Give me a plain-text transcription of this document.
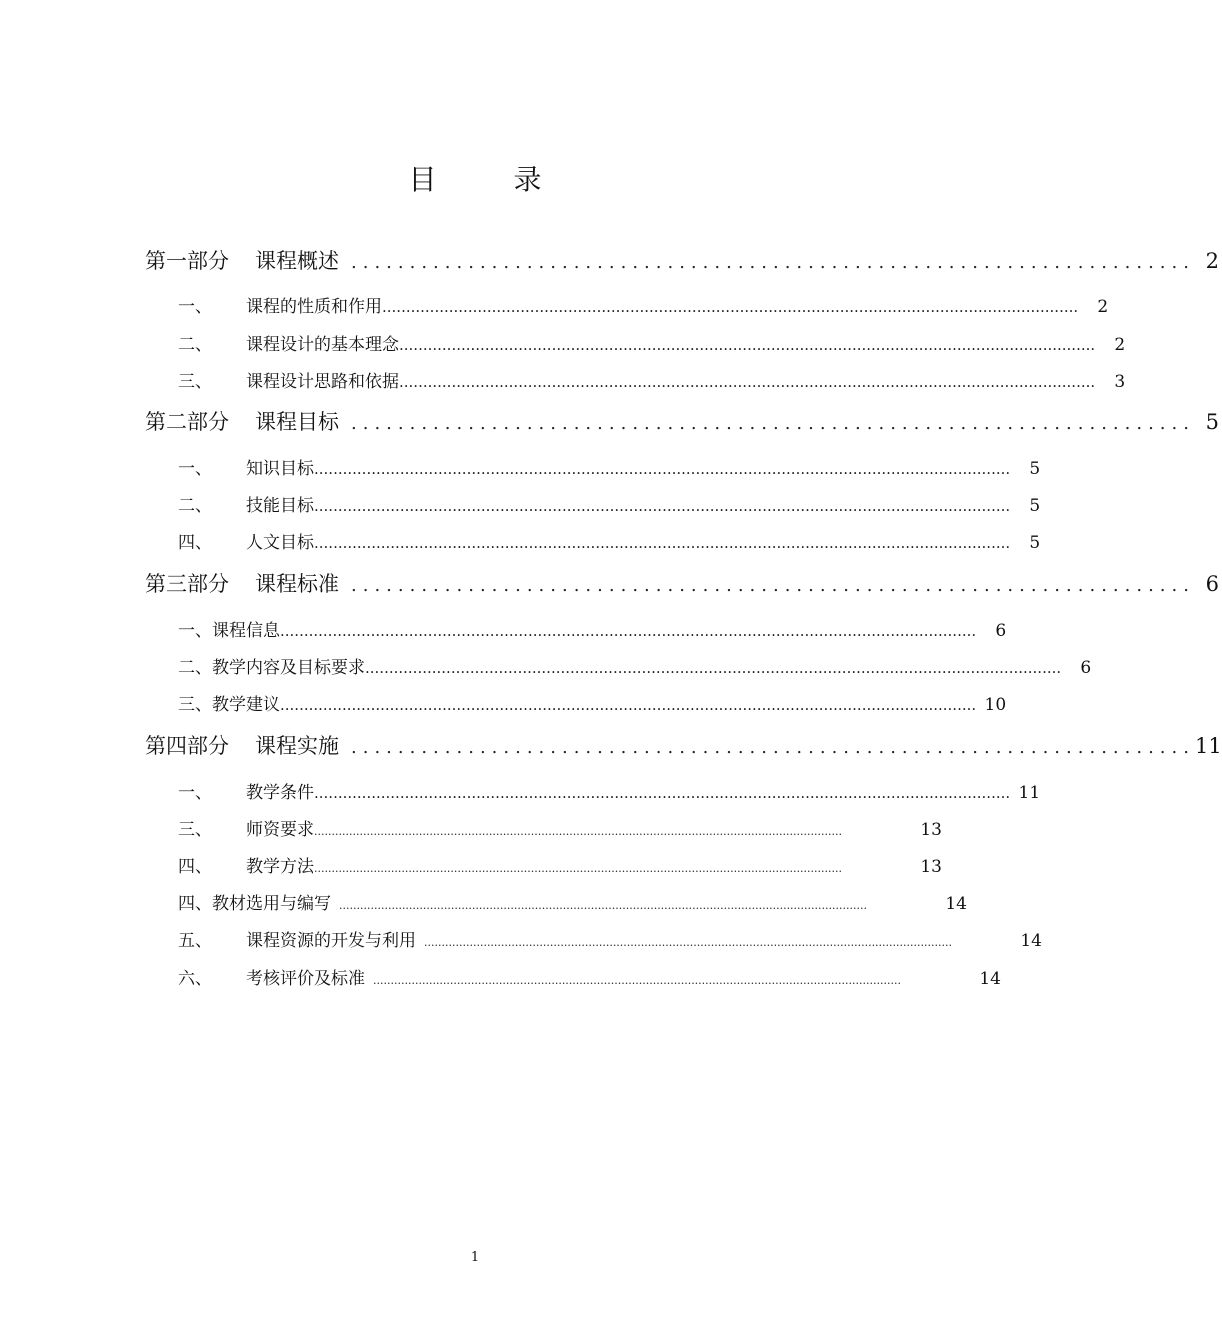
目 录
第一部分 课程概述 ........................................................................ 2
一、 课程的性质和作用 ..................................................................................................................................................	2
二、 课程设计的基本理念 ..................................................................................................................................................	2
三、 课程设计思路和依据 ..................................................................................................................................................	3
第二部分 课程目标 ........................................................................ 5
一、 知识目标 ..................................................................................................................................................	5
二、 技能目标 ..................................................................................................................................................	5
四、 人文目标 ..................................................................................................................................................	5
第三部分 课程标准 ........................................................................ 6
一、课程信息 ..................................................................................................................................................	6
二、教学内容及目标要求 ..................................................................................................................................................	6
三、教学建议 .................................................................................................................................................. 10
第四部分 课程实施 ........................................................................ 11
一、 教学条件 .................................................................................................................................................. 11
三、 师资要求 .......................................................................................................................................................	13
四、 教学方法 .......................................................................................................................................................	13
四、教材选用与编写 .......................................................................................................................................................	14
五、 课程资源的开发与利用 .......................................................................................................................................................	14
六、 考核评价及标准 .......................................................................................................................................................	14
1
